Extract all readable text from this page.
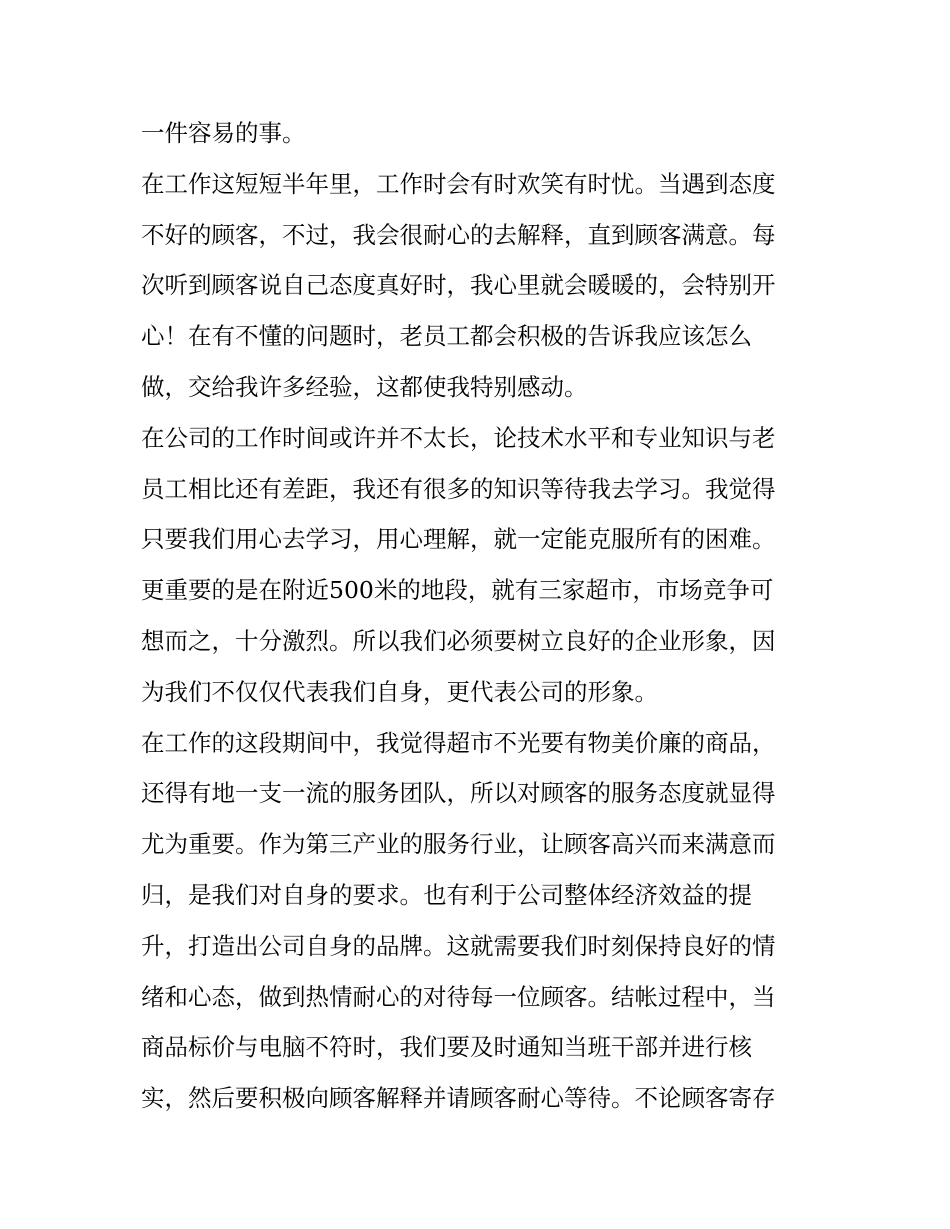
一件容易的事。
在工作这短短半年里，工作时会有时欢笑有时忧。当遇到态度
不好的顾客，不过，我会很耐心的去解释，直到顾客满意。每
次听到顾客说自己态度真好时，我心里就会暖暖的，会特别开
心！在有不懂的问题时，老员工都会积极的告诉我应该怎么
做，交给我许多经验，这都使我特别感动。
在公司的工作时间或许并不太长，论技术水平和专业知识与老
员工相比还有差距，我还有很多的知识等待我去学习。我觉得
只要我们用心去学习，用心理解，就一定能克服所有的困难。
更重要的是在附近500米的地段，就有三家超市，市场竞争可
想而之，十分激烈。所以我们必须要树立良好的企业形象，因
为我们不仅仅代表我们自身，更代表公司的形象。
在工作的这段期间中，我觉得超市不光要有物美价廉的商品，
还得有地一支一流的服务团队，所以对顾客的服务态度就显得
尤为重要。作为第三产业的服务行业，让顾客高兴而来满意而
归，是我们对自身的要求。也有利于公司整体经济效益的提
升，打造出公司自身的品牌。这就需要我们时刻保持良好的情
绪和心态，做到热情耐心的对待每一位顾客。结帐过程中，当
商品标价与电脑不符时，我们要及时通知当班干部并进行核
实，然后要积极向顾客解释并请顾客耐心等待。不论顾客寄存
